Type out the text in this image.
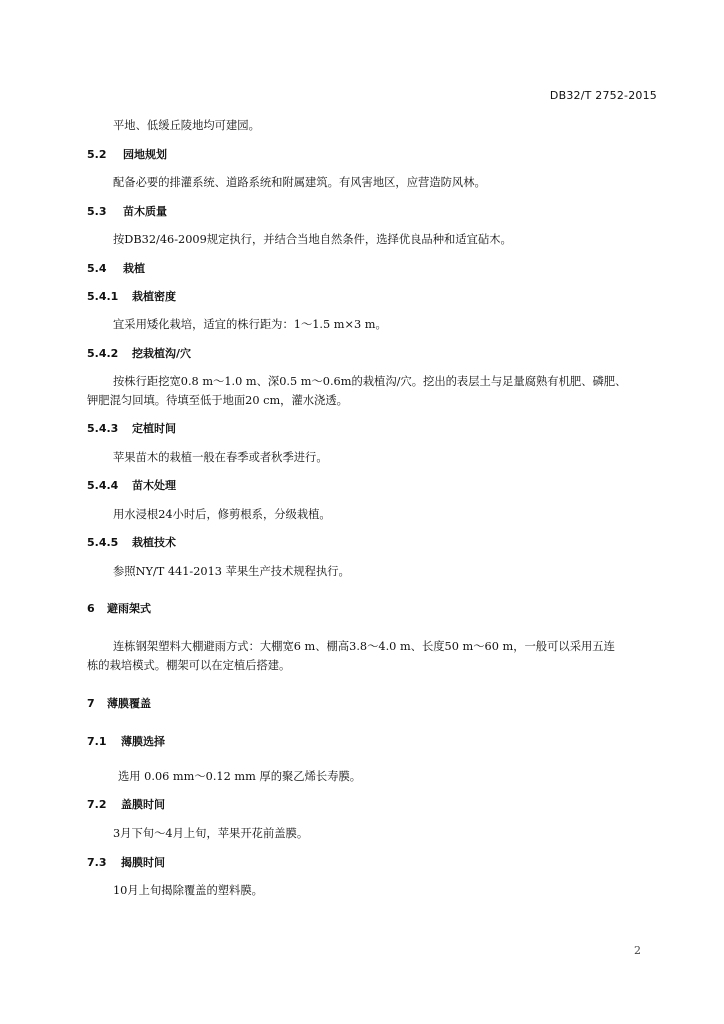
DB32/T 2752-2015
平地、低缓丘陵地均可建园。
5.2 园地规划
配备必要的排灌系统、道路系统和附属建筑。有风害地区，应营造防风林。
5.3 苗木质量
按DB32/46-2009规定执行，并结合当地自然条件，选择优良品种和适宜砧木。
5.4 栽植
5.4.1 栽植密度
宜采用矮化栽培，适宜的株行距为：1～1.5 m×3 m。
5.4.2 挖栽植沟/穴
按株行距挖宽0.8 m～1.0 m、深0.5 m～0.6m的栽植沟/穴。挖出的表层土与足量腐熟有机肥、磷肥、
钾肥混匀回填。待填至低于地面20 cm，灌水浇透。
5.4.3 定植时间
苹果苗木的栽植一般在春季或者秋季进行。
5.4.4 苗木处理
用水浸根24小时后，修剪根系，分级栽植。
5.4.5 栽植技术
参照NY/T 441-2013 苹果生产技术规程执行。
6 避雨架式
连栋钢架塑料大棚避雨方式：大棚宽6 m、棚高3.8～4.0 m、长度50 m～60 m，一般可以采用五连
栋的栽培模式。棚架可以在定植后搭建。
7 薄膜覆盖
7.1 薄膜选择
选用 0.06 mm～0.12 mm 厚的聚乙烯长寿膜。
7.2 盖膜时间
3月下旬～4月上旬，苹果开花前盖膜。
7.3 揭膜时间
10月上旬揭除覆盖的塑料膜。
2
